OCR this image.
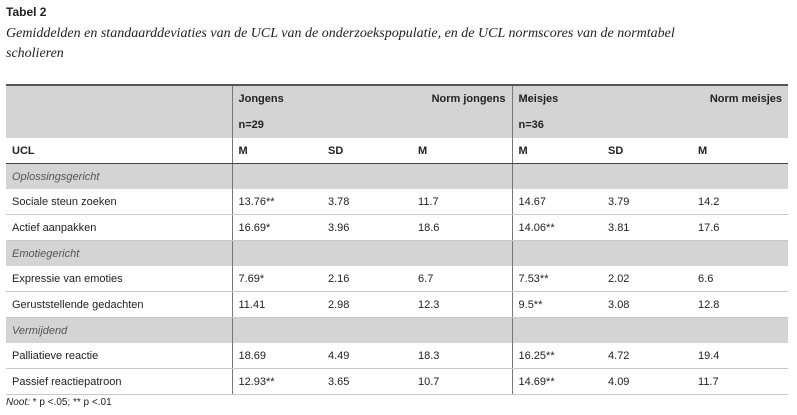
Tabel 2
Gemiddelden en standaarddeviaties van de UCL van de onderzoekspopulatie, en de UCL normscores van de normtabel scholieren
	Jongens		Norm jongens	Meisjes		Norm meisjes
	n=29			n=36		
UCL	M	SD	M	M	SD	M
Oplossingsgericht						
Sociale steun zoeken	13.76**	3.78	11.7	14.67	3.79	14.2
Actief aanpakken	16.69*	3.96	18.6	14.06**	3.81	17.6
Emotiegericht						
Expressie van emoties	7.69*	2.16	6.7	7.53**	2.02	6.6
Geruststellende gedachten	11.41	2.98	12.3	9.5**	3.08	12.8
Vermijdend						
Palliatieve reactie	18.69	4.49	18.3	16.25**	4.72	19.4
Passief reactiepatroon	12.93**	3.65	10.7	14.69**	4.09	11.7
Noot: * p <.05; ** p <.01
